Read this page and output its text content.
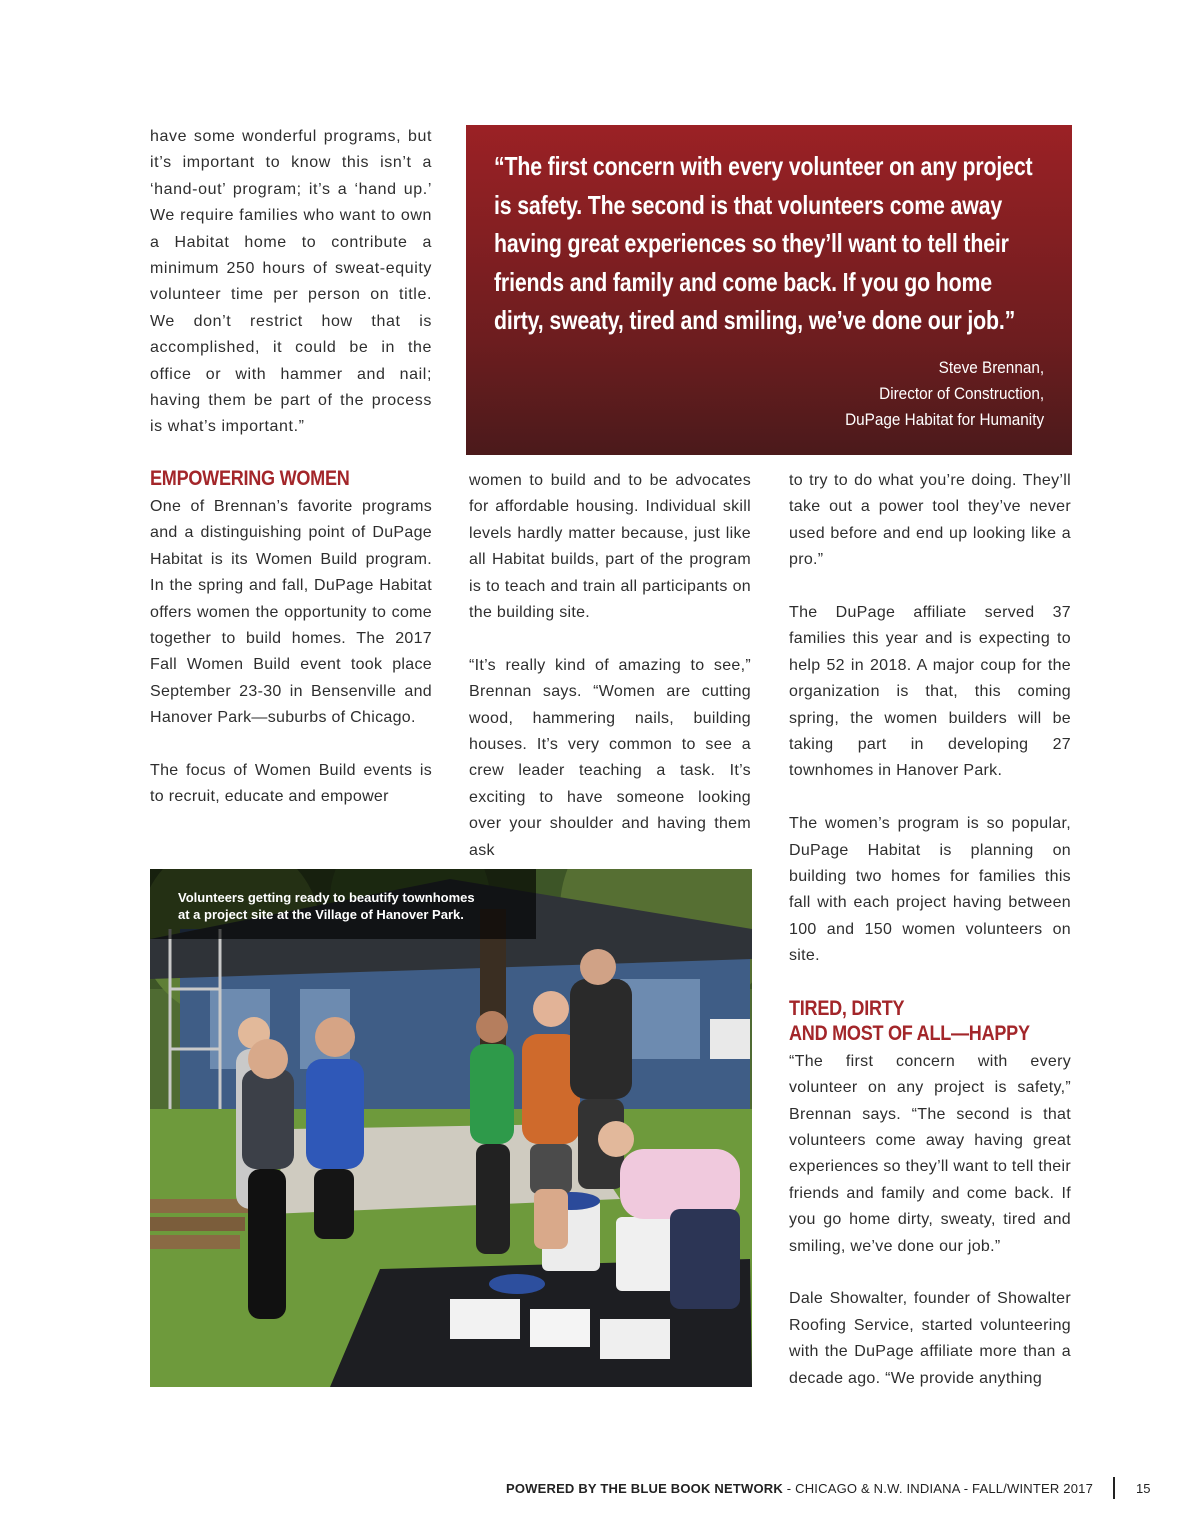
have some wonderful programs, but it’s important to know this isn’t a ‘hand-out’ program; it’s a ‘hand up.’ We require families who want to own a Habitat home to contribute a minimum 250 hours of sweat-equity volunteer time per person on title. We don’t restrict how that is accomplished, it could be in the office or with hammer and nail; having them be part of the process is what’s important.”

“The first concern with every volunteer on any project
is safety. The second is that volunteers come away
having great experiences so they’ll want to tell their
friends and family and come back. If you go home
dirty, sweaty, tired and smiling, we’ve done our job.”
Steve Brennan,
Director of Construction,
DuPage Habitat for Humanity
EMPOWERING WOMEN

One of Brennan’s favorite programs and a distinguishing point of DuPage Habitat is its Women Build program. In the spring and fall, DuPage Habitat offers women the opportunity to come together to build homes. The 2017 Fall Women Build event took place September 23-30 in Bensenville and Hanover Park—suburbs of Chicago.

The focus of Women Build events is to recruit, educate and empower

women to build and to be advocates for affordable housing. Individual skill levels hardly matter because, just like all Habitat builds, part of the program is to teach and train all participants on the building site.

“It’s really kind of amazing to see,” Brennan says. “Women are cutting wood, hammering nails, building houses. It’s very common to see a crew leader teaching a task. It’s exciting to have someone looking over your shoulder and having them ask

to try to do what you’re doing. They’ll take out a power tool they’ve never used before and end up looking like a pro.”

The DuPage affiliate served 37 families this year and is expecting to help 52 in 2018. A major coup for the organization is that, this coming spring, the women builders will be taking part in developing 27 townhomes in Hanover Park.

The women’s program is so popular, DuPage Habitat is planning on building two homes for families this fall with each project having between 100 and 150 women volunteers on site.

TIRED, DIRTY
AND MOST OF ALL—HAPPY

“The first concern with every volunteer on any project is safety,” Brennan says. “The second is that volunteers come away having great experiences so they’ll want to tell their friends and family and come back. If you go home dirty, sweaty, tired and smiling, we’ve done our job.”

Dale Showalter, founder of Showalter Roofing Service, started volunteering with the DuPage affiliate more than a decade ago. “We provide anything

Volunteers getting ready to beautify townhomes
at a project site at the Village of Hanover Park.
POWERED BY THE BLUE BOOK NETWORK - CHICAGO & N.W. INDIANA - FALL/WINTER 2017	15
